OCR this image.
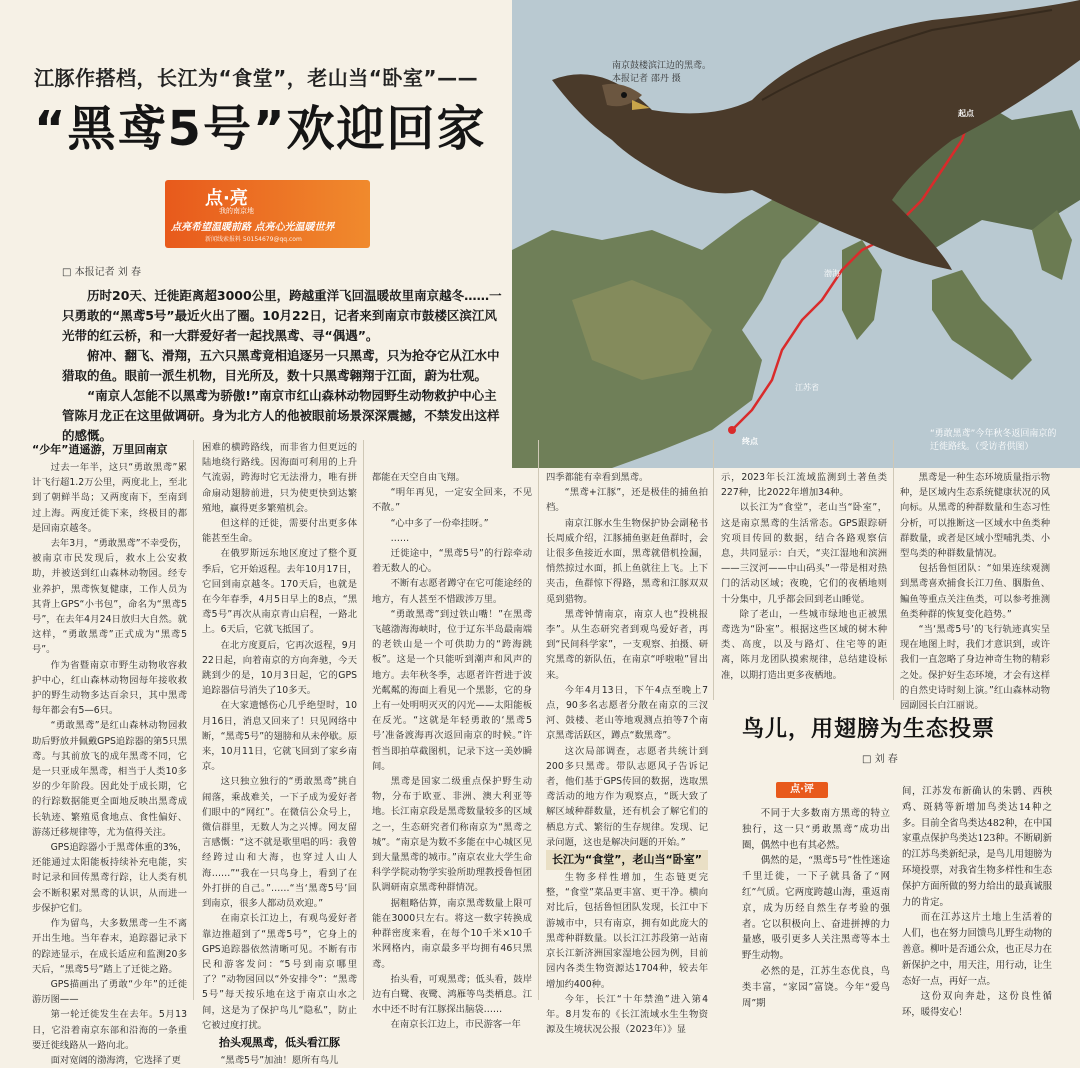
江苏省
终点
起点
渤海
南京鼓楼滨江边的黑鸢。
本报记者 邵丹 摄
“勇敢黑鸢”今年秋冬返回南京的迁徙路线。（受访者供图）
江豚作搭档，长江为“食堂”，老山当“卧室”——
“黑鸢5号”欢迎回家
点·亮
我的南京地
点亮希望温暖前路 点亮心光温暖世界
新闻线索报料 50154679@qq.com
□ 本报记者 刘 春

历时20天、迁徙距离超3000公里，跨越重洋飞回温暖故里南京越冬……一只勇敢的“黑鸢5号”最近火出了圈。10月22日，记者来到南京市鼓楼区滨江风光带的红云桥，和一大群爱好者一起找黑鸢、寻“偶遇”。

俯冲、翻飞、滑翔，五六只黑鸢竟相追逐另一只黑鸢，只为抢夺它从江水中猎取的鱼。眼前一派生机物，目光所及，数十只黑鸢翱翔于江面，蔚为壮观。

“南京人怎能不以黑鸢为骄傲!”南京市红山森林动物园野生动物救护中心主管陈月龙正在这里做调研。身为北方人的他被眼前场景深深震撼，不禁发出这样的感慨。

“少年”逍遥游，万里回南京

过去一年半，这只“勇敢黑鸢”累计飞行超1.2万公里，两度北上，至北到了朝鲜半岛；又两度南下，至南到过上海。两度迁徙下来，终极目的都是回南京越冬。

去年3月，“勇敢黑鸢”不幸受伤，被南京市民发现后，救水上公安救助，并被送到红山森林动物园。经专业养护，黑鸢恢复健康，工作人员为其背上GPS“小书包”，命名为“黑鸢5号”，在去年4月24日放归大自然。就这样，“勇敢黑鸢”正式成为“黑鸢5号”。

作为省暨南京市野生动物收容救护中心，红山森林动物园每年接收救护的野生动物多达百余只，其中黑鸢每年都会有5—6只。

“勇敢黑鸢”是红山森林动物园救助后野放并佩戴GPS追踪器的第5只黑鸢。与其前放飞的成年黑鸢不同，它是一只亚成年黑鸢，相当于人类10多岁的少年阶段。因此处于成长期，它的行踪数据能更全面地反映出黑鸢成长轨迹、繁殖觅食地点、食性偏好、游荡迁移规律等，尤为值得关注。

GPS追踪器小于黑鸢体重的3%，还能通过太阳能板持续补充电能，实时记录和回传黑鸢行踪，让人类有机会不断积累对黑鸢的认识，从而进一步保护它们。

作为留鸟，大多数黑鸢一生不离开出生地。当年春末，追踪器记录下的踪迹显示，在成长适应和监测20多天后，“黑鸢5号”踏上了迁徙之路。

GPS描画出了勇敢“少年”的迁徙游历图——

第一轮迁徙发生在去年。5月13日，它沿着南京东部和沿海的一条重要迁徙线路从一路向北。

面对宽阔的渤海湾，它选择了更

困难的横跨路线，而非省力但更远的陆地绕行路线。因海面可利用的上升气流弱，跨海时它无法滑力，唯有拼命扇动翅膀前进，只为使更快到达繁殖地，赢得更多繁殖机会。

但这样的迁徙，需要付出更多体能甚至生命。

在俄罗斯远东地区度过了整个夏季后，它开始返程。去年10月17日，它回到南京越冬。170天后，也就是在今年春季，4月5日早上的8点，“黑鸢5号”再次从南京青山启程，一路北上。6天后，它就飞抵国了。

在北方度夏后，它再次返程，9月22日起，向着南京的方向奔驰，今天跳到少的是，10月3日起，它的GPS追踪器信号消失了10多天。

在大家遗憾伤心几乎绝望时，10月16日，消息又回来了！只见网络中断，“黑鸢5号”的翅膀和从未停歇。原来，10月11日，它就飞回到了家乡南京。

这只独立独行的“勇敢黑鸢”挑自闹落，乘战难关，一下子成为爱好者们眼中的“网红”。在微信公众号上，微信群里，无数人为之兴博。网友留言感慨：“这不就是歌里唱的吗：我曾经跨过山和大海，也穿过人山人海……”“我在一只鸟身上，看到了在外打拼的自己。”……“当‘黑鸢5号’回到南京，很多人都动员欢迎。”

在南京长江边上，有观鸟爱好者靠边推超到了“黑鸢5号”，它身上的GPS追踪器依然清晰可见。不断有市民和游客发问：“5号到南京哪里了？”动物园回以“外安排令”：“黑鸢5号”每天按乐地在这于南京山水之间，这是为了保护鸟儿“隐私”，防止它被过度打扰。

抬头观黑鸢，低头看江豚

“黑鸢5号”加油！愿所有鸟儿

都能在天空自由飞翔。

“明年再见，一定安全回来，不见不散。”

“心中多了一份牵挂呀。”

……

迁徙途中，“黑鸢5号”的行踪牵动着无数人的心。

不断有志愿者蹲守在它可能途经的地方，有人甚至不惜跋涉万里。

“勇敢黑鸢”到过铁山嘴！”在黑鸢飞越渤海海峡时，位于辽东半岛最南端的老铁山是一个可供助力的“跨海跳板”。这是一个只能听到潮声和风声的地方。去年秋冬季，志愿者许哲进于波光粼粼的海面上看见一个黑影，它的身上有一处明明灭灭的闪光——太阳能板在反光。“这就是年轻勇敢的‘黑鸢5号’准备渡海再次返回南京的时候。”许哲当即拍草截图机，记录下这一美妙瞬间。

黑鸢是国家二级重点保护野生动物，分布于欧亚、非洲、澳大利亚等地。长江南京段是黑鸢数量较多的区域之一，生态研究者们称南京为“黑鸢之城”。“南京是为数不多能在中心城区见到大量黑鸢的城市。”南京农业大学生命科学学院动物学实验所助理教授鲁恒团队调研南京黑鸢种群情况。

据粗略估算，南京黑鸢数量上限可能在3000只左右。将这一数字转换成种群密度来看，在每个10千米×10千米网格内，南京最多平均拥有46只黑鸢。

抬头看，可观黑鸢；低头看，鼓岸边有白鹭、夜鹭、鸿雁等鸟类栖息。江水中还不时有江豚探出脑袋……

在南京长江边上，市民游客一年

四季都能有幸看到黑鸢。

“黑鸢+江豚”，还是极佳的捕鱼拍档。

南京江豚水生生物保护协会副秘书长周威介绍，江豚捕鱼驱赶鱼群时，会让很多鱼接近水面，黑鸢就借机捡漏，悄然掠过水面，抓上鱼就往上飞。上下夹击，鱼群惊下得路，黑鸢和江豚双双觅到猎物。

黑鸢钟情南京，南京人也“投桃报李”。从生态研究者到观鸟爱好者，再到“民间科学家”，一支观察、拍摄、研究黑鸢的新队伍，在南京“呼啦啦”冒出来。

今年4月13日，下午4点至晚上7点，90多名志愿者分散在南京的三汊河、鼓楼、老山等地观测点拍等7个南京黑鸢活跃区，蹲点“数黑鸢”。

这次局部调查，志愿者共统计到200多只黑鸢。带队志愿风子告诉记者，他们基于GPS传回的数据，选取黑鸢活动的地方作为观察点，“既大致了解区域种群数量，还有机会了解它们的栖息方式、繁衍的生存规律。发现、记录问题，这也是解决问题的开始。”

长江为“食堂”，老山当“卧室”

生物多样性增加，生态链更完整，“食堂”菜品更丰富、更干净。横向对比后，包括鲁恒团队发现，长江中下游城市中，只有南京，拥有如此庞大的黑鸢种群数量。以长江江苏段第一站南京长江新济洲国家湿地公园为例，目前园内各类生物资源达1704种，较去年增加约400种。

今年，长江“十年禁渔”进入第4年。8月发布的《长江流域水生生物资源及生境状况公报（2023年）》显

示，2023年长江流域监测到土著鱼类227种，比2022年增加34种。

以长江为“食堂”，老山当“卧室”，这是南京黑鸢的生活常态。GPS跟踪研究项目传回的数据，结合各路观察信息，共同显示：白天，“夹江湿地和滨洲——三汊河——中山码头”一带是相对热门的活动区域；夜晚，它们的夜栖地则十分集中，几乎都会回到老山睡觉。

除了老山，一些城市绿地也正被黑鸢选为“卧室”。根据这些区域的树木种类、高度，以及与路灯、住宅等的距离，陈月龙团队摸索规律，总结建设标准，以期打造出更多夜栖地。

黑鸢是一种生态环境质量指示物种，是区域内生态系统健康状况的风向标。从黑鸢的种群数量和生态习性分析，可以推断这一区域水中鱼类种群数量，或者是区域小型哺乳类、小型鸟类的种群数量情况。

包括鲁恒团队：“如果连续观测到黑鸢喜欢捕食长江刀鱼、胭脂鱼、鳊鱼等重点关注鱼类，可以参考推测鱼类种群的恢复变化趋势。”

“当‘黑鸢5号’的飞行轨迹真实呈现在地图上时，我们才意识到，或许我们一直忽略了身边神奇生物的精彩之处。保护好生态环境，才会有这样的自然史诗时刻上演。”红山森林动物园副园长白江丽说。

鸟儿，用翅膀为生态投票
□ 刘 春
点·评

不同于大多数南方黑鸢的特立独行，这一只“勇敢黑鸢”成功出圈，偶然中也有其必然。

偶然的是，“黑鸢5号”性性迷途千里迁徙，一下子就具备了“网红”气质。它两度跨越山海，重返南京，成为历经自然生存考验的强者。它以积极向上、奋进拼搏的力量感，吸引更多人关注黑鸢等本土野生动物。

必然的是，江苏生态优良，鸟类丰富，“家园”富饶。今年“爱鸟周”期

间，江苏发布新确认的朱鹮、西秧鸡、斑鸫等新增加鸟类达14种之多。目前全省鸟类达482种，在中国家重点保护鸟类达123种。不断刷新的江苏鸟类新纪录，是鸟儿用翅膀为环境投票，对我省生物多样性和生态保护方面所做的努力给出的最真诚服力的肯定。

而在江苏这片土地上生活着的人们，也在努力回馈鸟儿野生动物的善意。柳叶是否通公众，也正尽力在新保护之中，用天注，用行动，让生态好一点，再好一点。

这份双向奔赴，这份良性循环，暖得安心！
